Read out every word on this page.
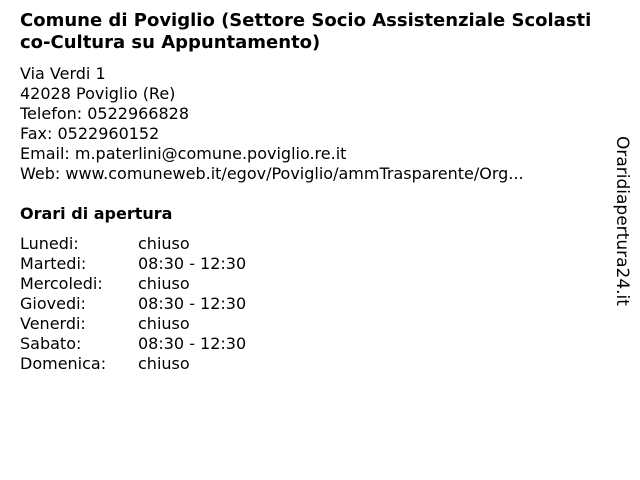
Comune di Poviglio (Settore Socio Assistenziale Scolastico-Cultura su Appuntamento)
Via Verdi 1
42028 Poviglio (Re)
Telefon: 0522966828
Fax: 0522960152
Email: m.paterlini@comune.poviglio.re.it
Web: www.comuneweb.it/egov/Poviglio/ammTrasparente/Org...
Orari di apertura
Lunedi:	chiuso
Martedi:	08:30 - 12:30
Mercoledi:	chiuso
Giovedi:	08:30 - 12:30
Venerdi:	chiuso
Sabato:	08:30 - 12:30
Domenica:	chiuso
Oraridiapertura24.it
